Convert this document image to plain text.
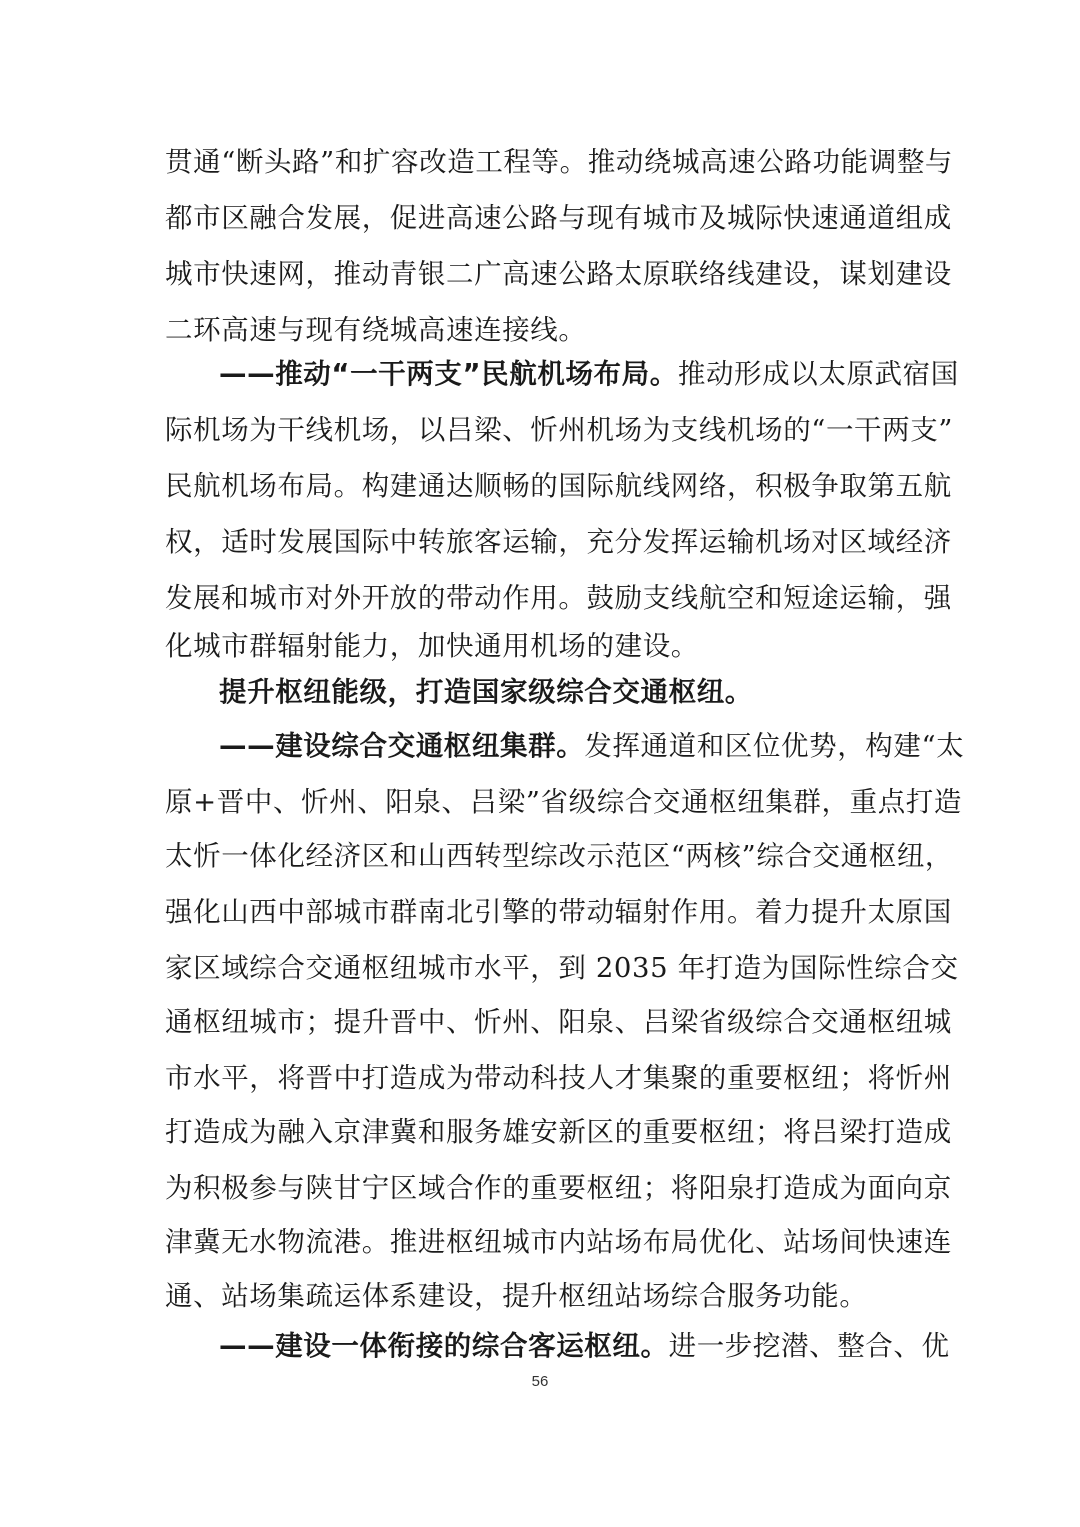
贯通“断头路”和扩容改造工程等。推动绕城高速公路功能调整与
都市区融合发展，促进高速公路与现有城市及城际快速通道组成
城市快速网，推动青银二广高速公路太原联络线建设，谋划建设
二环高速与现有绕城高速连接线。
——推动“一干两支”民航机场布局。推动形成以太原武宿国
际机场为干线机场，以吕梁、忻州机场为支线机场的“一干两支”
民航机场布局。构建通达顺畅的国际航线网络，积极争取第五航
权，适时发展国际中转旅客运输，充分发挥运输机场对区域经济
发展和城市对外开放的带动作用。鼓励支线航空和短途运输，强
化城市群辐射能力，加快通用机场的建设。
提升枢纽能级，打造国家级综合交通枢纽。
——建设综合交通枢纽集群。发挥通道和区位优势，构建“太
原+晋中、忻州、阳泉、吕梁”省级综合交通枢纽集群，重点打造
太忻一体化经济区和山西转型综改示范区“两核”综合交通枢纽，
强化山西中部城市群南北引擎的带动辐射作用。着力提升太原国
家区域综合交通枢纽城市水平，到 2035 年打造为国际性综合交
通枢纽城市；提升晋中、忻州、阳泉、吕梁省级综合交通枢纽城
市水平，将晋中打造成为带动科技人才集聚的重要枢纽；将忻州
打造成为融入京津冀和服务雄安新区的重要枢纽；将吕梁打造成
为积极参与陕甘宁区域合作的重要枢纽；将阳泉打造成为面向京
津冀无水物流港。推进枢纽城市内站场布局优化、站场间快速连
通、站场集疏运体系建设，提升枢纽站场综合服务功能。
——建设一体衔接的综合客运枢纽。进一步挖潜、整合、优
56
